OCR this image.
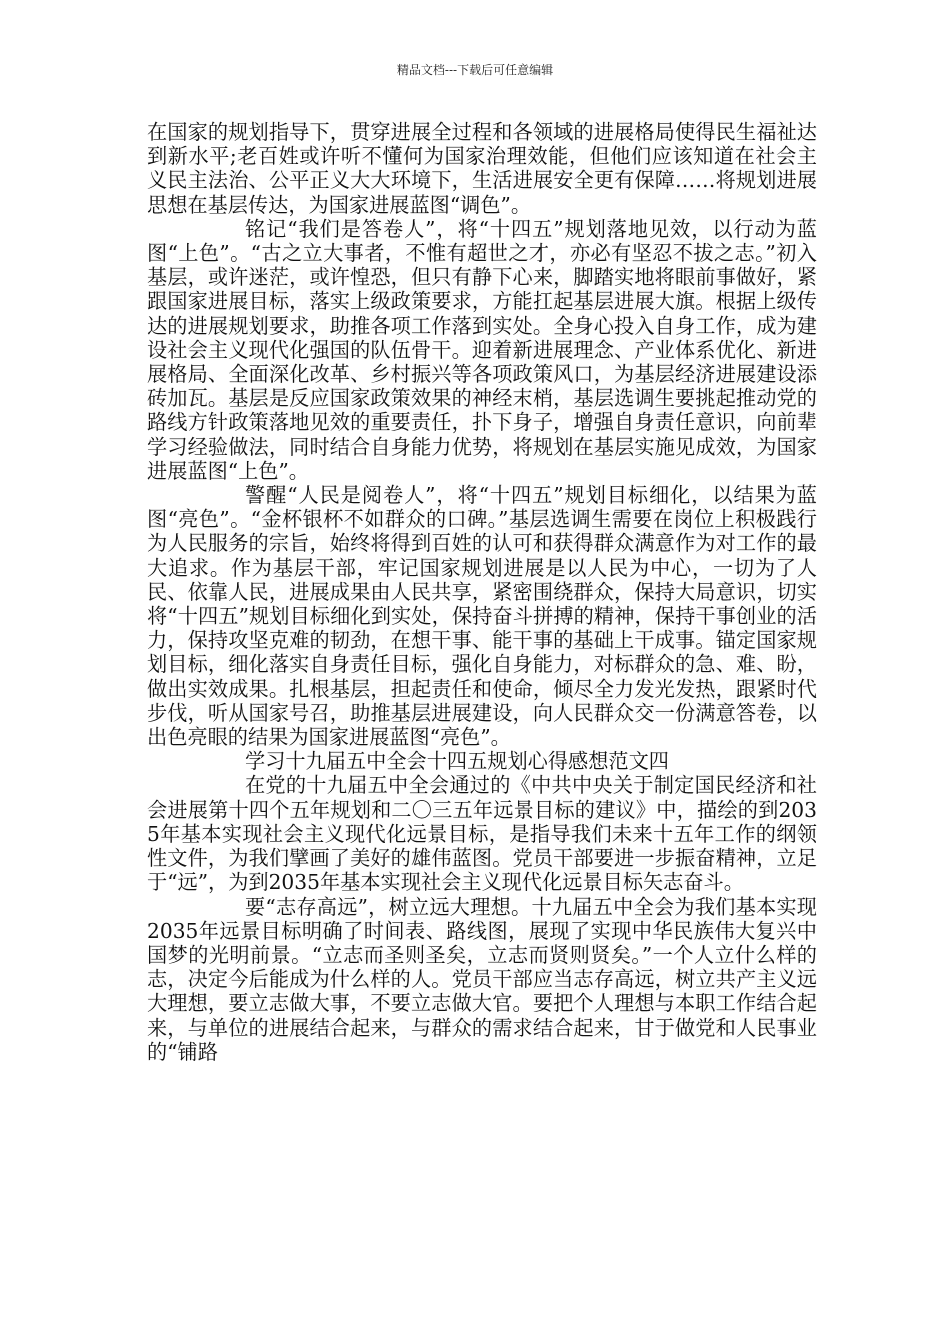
精品文档---下载后可任意编辑

在国家的规划指导下，贯穿进展全过程和各领域的进展格局使得民生福祉达到新水平;老百姓或许听不懂何为国家治理效能，但他们应该知道在社会主义民主法治、公平正义大大环境下，生活进展安全更有保障……将规划进展思想在基层传达，为国家进展蓝图“调色”。

铭记“我们是答卷人”，将“十四五”规划落地见效，以行动为蓝图“上色”。“古之立大事者，不惟有超世之才，亦必有坚忍不拔之志。”初入基层，或许迷茫，或许惶恐，但只有静下心来，脚踏实地将眼前事做好，紧跟国家进展目标，落实上级政策要求，方能扛起基层进展大旗。根据上级传达的进展规划要求，助推各项工作落到实处。全身心投入自身工作，成为建设社会主义现代化强国的队伍骨干。迎着新进展理念、产业体系优化、新进展格局、全面深化改革、乡村振兴等各项政策风口，为基层经济进展建设添砖加瓦。基层是反应国家政策效果的神经末梢，基层选调生要挑起推动党的路线方针政策落地见效的重要责任，扑下身子，增强自身责任意识，向前辈学习经验做法，同时结合自身能力优势，将规划在基层实施见成效，为国家进展蓝图“上色”。

警醒“人民是阅卷人”，将“十四五”规划目标细化，以结果为蓝图“亮色”。“金杯银杯不如群众的口碑。”基层选调生需要在岗位上积极践行为人民服务的宗旨，始终将得到百姓的认可和获得群众满意作为对工作的最大追求。作为基层干部，牢记国家规划进展是以人民为中心，一切为了人民、依靠人民，进展成果由人民共享，紧密围绕群众，保持大局意识，切实将“十四五”规划目标细化到实处，保持奋斗拼搏的精神，保持干事创业的活力，保持攻坚克难的韧劲，在想干事、能干事的基础上干成事。锚定国家规划目标，细化落实自身责任目标，强化自身能力，对标群众的急、难、盼，做出实效成果。扎根基层，担起责任和使命，倾尽全力发光发热，跟紧时代步伐，听从国家号召，助推基层进展建设，向人民群众交一份满意答卷，以出色亮眼的结果为国家进展蓝图“亮色”。

学习十九届五中全会十四五规划心得感想范文四

在党的十九届五中全会通过的《中共中央关于制定国民经济和社会进展第十四个五年规划和二〇三五年远景目标的建议》中，描绘的到2035年基本实现社会主义现代化远景目标，是指导我们未来十五年工作的纲领性文件，为我们擘画了美好的雄伟蓝图。党员干部要进一步振奋精神，立足于“远”，为到2035年基本实现社会主义现代化远景目标矢志奋斗。

要“志存高远”，树立远大理想。十九届五中全会为我们基本实现2035年远景目标明确了时间表、路线图，展现了实现中华民族伟大复兴中国梦的光明前景。“立志而圣则圣矣，立志而贤则贤矣。”一个人立什么样的志，决定今后能成为什么样的人。党员干部应当志存高远，树立共产主义远大理想，要立志做大事，不要立志做大官。要把个人理想与本职工作结合起来，与单位的进展结合起来，与群众的需求结合起来，甘于做党和人民事业的“铺路
